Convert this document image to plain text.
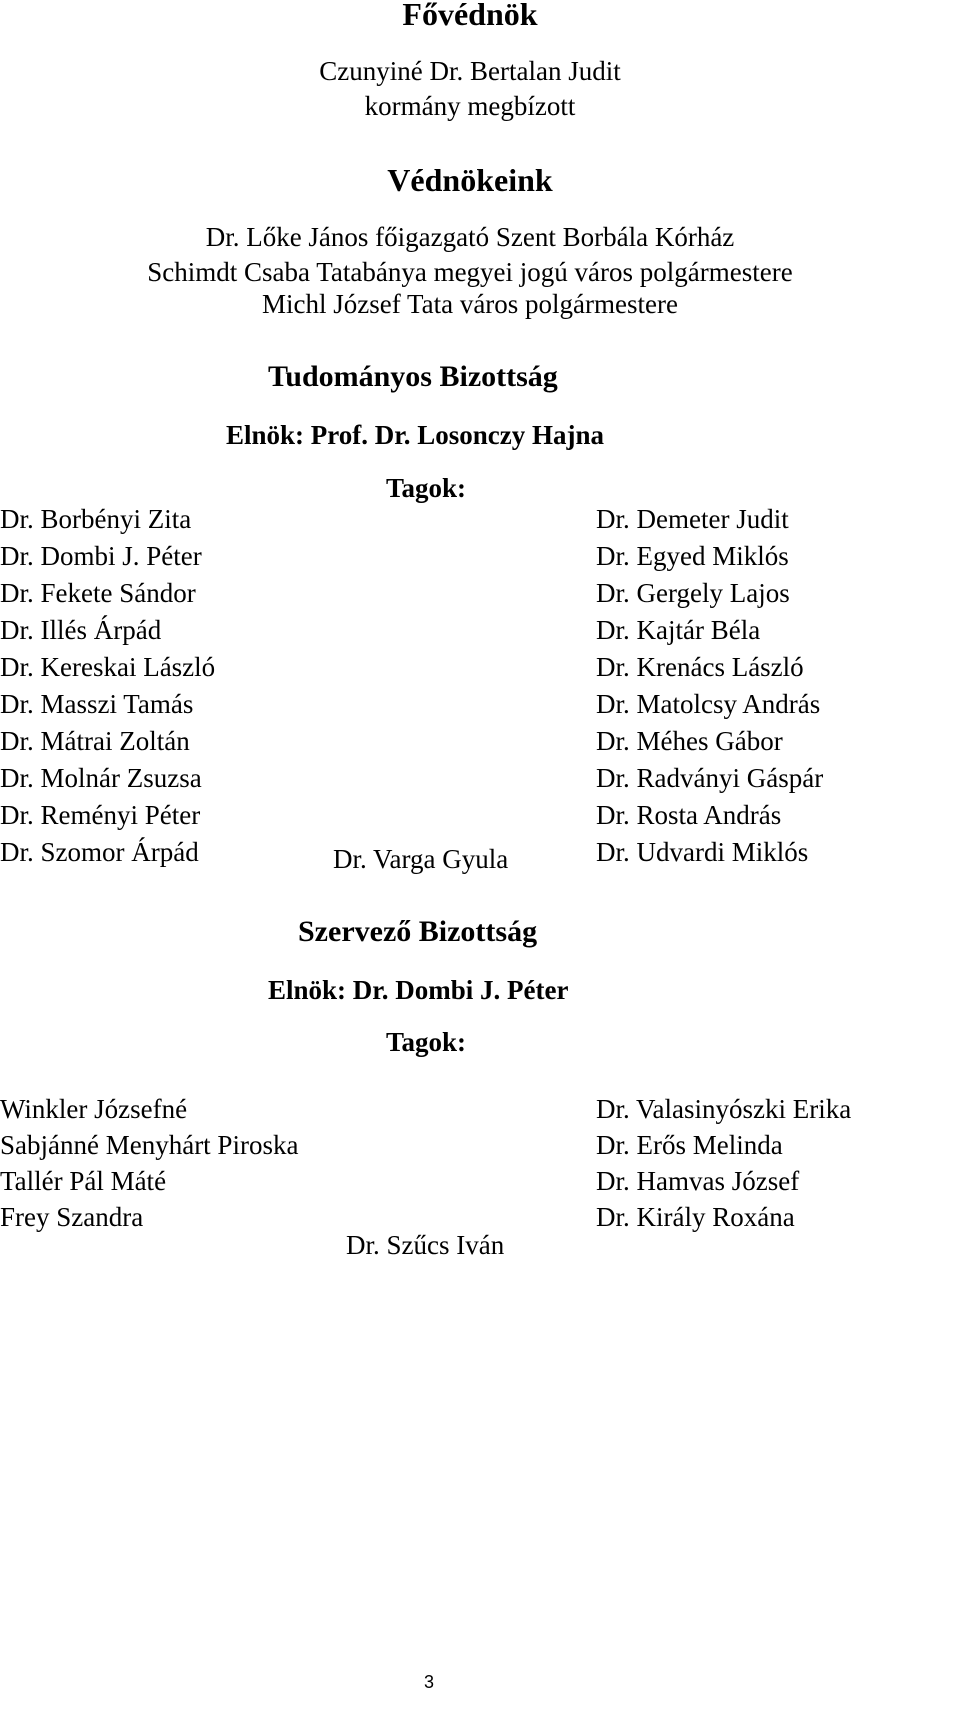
Fővédnök
Czunyiné Dr. Bertalan Judit
kormány megbízott
Védnökeink
Dr. Lőke János főigazgató Szent Borbála Kórház
Schimdt Csaba Tatabánya megyei jogú város polgármestere
Michl József Tata város polgármestere
Tudományos Bizottság
Elnök: Prof. Dr. Losonczy Hajna
Tagok:
Dr. Borbényi Zita
Dr. Dombi J. Péter
Dr. Fekete Sándor
Dr. Illés Árpád
Dr. Kereskai László
Dr. Masszi Tamás
Dr. Mátrai Zoltán
Dr. Molnár Zsuzsa
Dr. Reményi Péter
Dr. Szomor Árpád
Dr. Demeter Judit
Dr. Egyed Miklós
Dr. Gergely Lajos
Dr. Kajtár Béla
Dr. Krenács László
Dr. Matolcsy András
Dr. Méhes Gábor
Dr. Radványi Gáspár
Dr. Rosta András
Dr. Udvardi Miklós
Dr. Varga Gyula
Szervező Bizottság
Elnök: Dr. Dombi J. Péter
Tagok:
Winkler Józsefné
Sabjánné Menyhárt Piroska
Tallér Pál Máté
Frey Szandra
Dr. Valasinyószki Erika
Dr. Erős Melinda
Dr. Hamvas József
Dr. Király Roxána
Dr. Szűcs Iván
3
